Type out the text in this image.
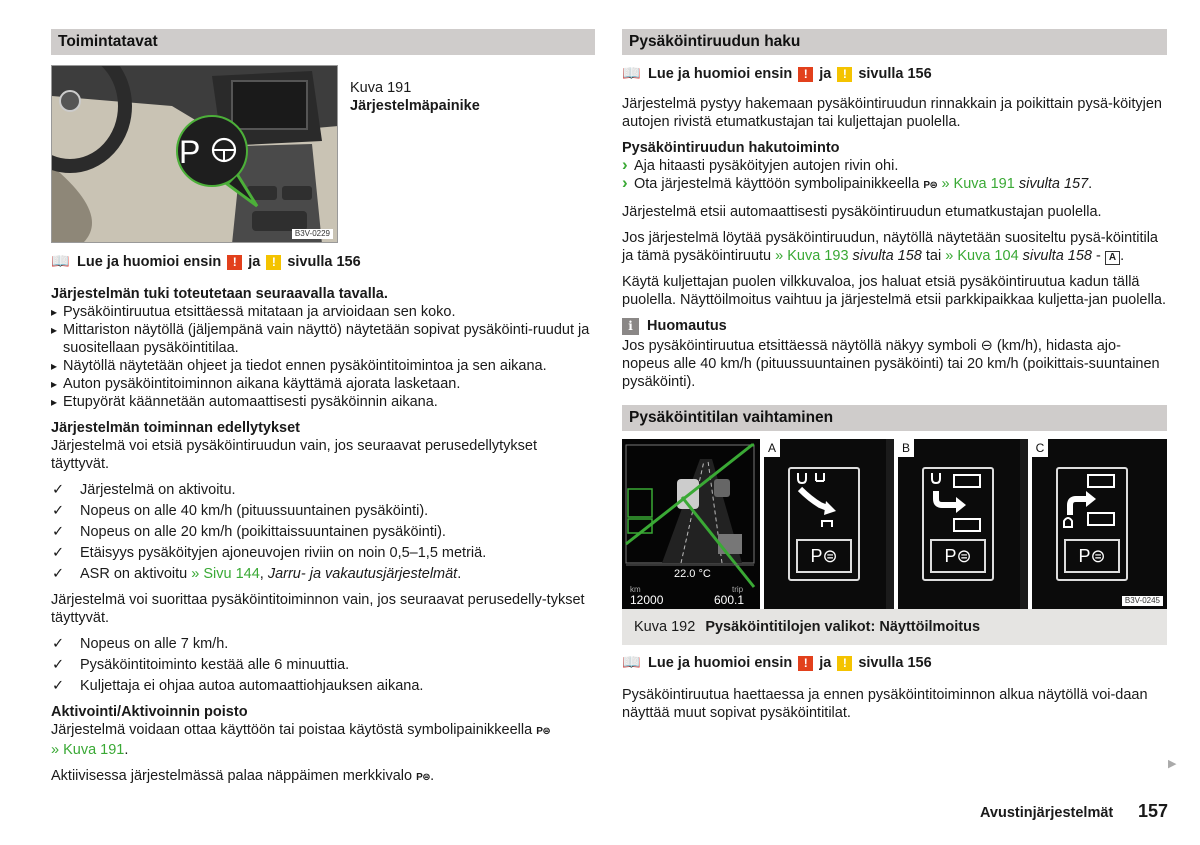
Toimintatavat
P
B3V-0229
Kuva 191
Järjestelmäpainike
📖 Lue ja huomioi ensin ! ja ! sivulla 156
Järjestelmän tuki toteutetaan seuraavalla tavalla.
▸ Pysäköintiruutua etsittäessä mitataan ja arvioidaan sen koko.
▸ Mittariston näytöllä (jäljempänä vain näyttö) näytetään sopivat pysäköinti-ruudut ja suositellaan pysäköintitilaa.
▸ Näytöllä näytetään ohjeet ja tiedot ennen pysäköintitoimintoa ja sen aikana.
▸ Auton pysäköintitoiminnon aikana käyttämä ajorata lasketaan.
▸ Etupyörät käännetään automaattisesti pysäköinnin aikana.
Järjestelmän toiminnan edellytykset

Järjestelmä voi etsiä pysäköintiruudun vain, jos seuraavat perusedellytykset täyttyvät.

✓ Järjestelmä on aktivoitu.
✓ Nopeus on alle 40 km/h (pituussuuntainen pysäköinti).
✓ Nopeus on alle 20 km/h (poikittaissuuntainen pysäköinti).
✓ Etäisyys pysäköityjen ajoneuvojen riviin on noin 0,5–1,5 metriä.
✓ ASR on aktivoitu » Sivu 144, Jarru- ja vakautusjärjestelmät.

Järjestelmä voi suorittaa pysäköintitoiminnon vain, jos seuraavat perusedelly-tykset täyttyvät.

✓ Nopeus on alle 7 km/h.
✓ Pysäköintitoiminto kestää alle 6 minuuttia.
✓ Kuljettaja ei ohjaa autoa automaattiohjauksen aikana.
Aktivointi/Aktivoinnin poisto

Järjestelmä voidaan ottaa käyttöön tai poistaa käytöstä symbolipainikkeella P⊜
» Kuva 191.

Aktiivisessa järjestelmässä palaa näppäimen merkkivalo P⊜.

Pysäköintiruudun haku
📖 Lue ja huomioi ensin ! ja ! sivulla 156

Järjestelmä pystyy hakemaan pysäköintiruudun rinnakkain ja poikittain pysä-köityjen autojen rivistä etumatkustajan tai kuljettajan puolella.

Pysäköintiruudun hakutoiminto
› Aja hitaasti pysäköityjen autojen rivin ohi.
› Ota järjestelmä käyttöön symbolipainikkeella P⊜ » Kuva 191 sivulta 157.

Järjestelmä etsii automaattisesti pysäköintiruudun etumatkustajan puolella.

Jos järjestelmä löytää pysäköintiruudun, näytöllä näytetään suositeltu pysä-köintitila ja tämä pysäköintiruutu » Kuva 193 sivulta 158 tai » Kuva 104 sivulta 158 - A .

Käytä kuljettajan puolen vilkkuvaloa, jos haluat etsiä pysäköintiruutua kadun tällä puolella. Näyttöilmoitus vaihtuu ja järjestelmä etsii parkkipaikkaa kuljetta-jan puolella.

i Huomautus

Jos pysäköintiruutua etsittäessä näytöllä näkyy symboli ⊖ (km/h), hidasta ajo-nopeus alle 40 km/h (pituussuuntainen pysäköinti) tai 20 km/h (poikittais-suuntainen pysäköinti).

Pysäköintitilan vaihtaminen
22.0 °C
km	trip
12000	600.1
A
P⊜
B
P⊜
C
P⊜
B3V-0245
Kuva 192 Pysäköintitilojen valikot: Näyttöilmoitus
📖 Lue ja huomioi ensin ! ja ! sivulla 156

Pysäköintiruutua haettaessa ja ennen pysäköintitoiminnon alkua näytöllä voi-daan näyttää muut sopivat pysäköintitilat.

▶
Avustinjärjestelmät 157
